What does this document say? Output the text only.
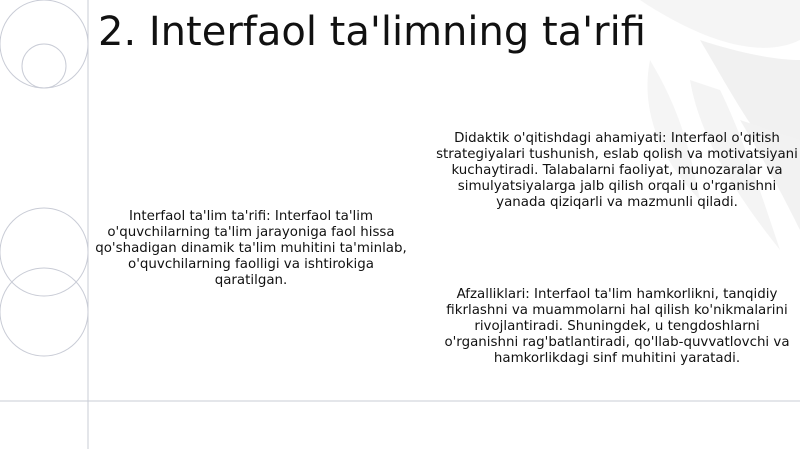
2. Interfaol ta'limning ta'rifi

Interfaol ta'lim ta'rifi: Interfaol ta'lim o'quvchilarning ta'lim jarayoniga faol hissa qo'shadigan dinamik ta'lim muhitini ta'minlab, o'quvchilarning faolligi va ishtirokiga qaratilgan.

Didaktik o'qitishdagi ahamiyati: Interfaol o'qitish strategiyalari tushunish, eslab qolish va motivatsiyani kuchaytiradi. Talabalarni faoliyat, munozaralar va simulyatsiyalarga jalb qilish orqali u o'rganishni yanada qiziqarli va mazmunli qiladi.

Afzalliklari: Interfaol ta'lim hamkorlikni, tanqidiy fikrlashni va muammolarni hal qilish ko'nikmalarini rivojlantiradi. Shuningdek, u tengdoshlarni o'rganishni rag'batlantiradi, qo'llab-quvvatlovchi va hamkorlikdagi sinf muhitini yaratadi.
